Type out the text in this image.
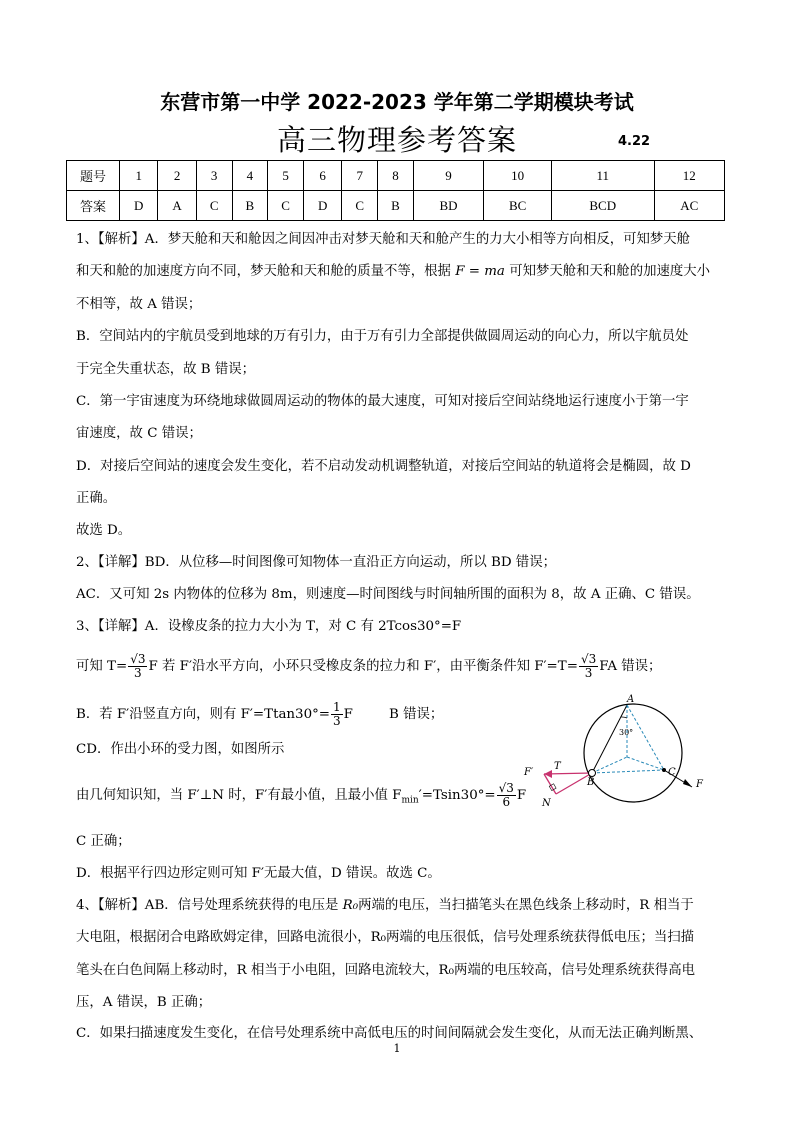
东营市第一中学 2022-2023 学年第二学期模块考试
高三物理参考答案	4.22
题号	1	2	3	4	5	6	7	8	9	10	11	12
答案	D	A	C	B	C	D	C	B	BD	BC	BCD	AC
1、【解析】A．梦天舱和天和舱因之间因冲击对梦天舱和天和舱产生的力大小相等方向相反，可知梦天舱
和天和舱的加速度方向不同，梦天舱和天和舱的质量不等，根据 F = ma 可知梦天舱和天和舱的加速度大小
不相等，故 A 错误；
B．空间站内的宇航员受到地球的万有引力，由于万有引力全部提供做圆周运动的向心力，所以宇航员处
于完全失重状态，故 B 错误；
C．第一宇宙速度为环绕地球做圆周运动的物体的最大速度，可知对接后空间站绕地运行速度小于第一宇
宙速度，故 C 错误；
D．对接后空间站的速度会发生变化，若不启动发动机调整轨道，对接后空间站的轨道将会是椭圆，故 D
正确。
故选 D。
2、【详解】BD．从位移—时间图像可知物体一直沿正方向运动，所以 BD 错误；
AC．又可知 2s 内物体的位移为 8m，则速度—时间图线与时间轴所围的面积为 8，故 A 正确、C 错误。
3、【详解】A．设橡皮条的拉力大小为 T，对 C 有 2Tcos30°=F
可知 $T= \frac{√3}{3}$ F 若 F′沿水平方向，小环只受橡皮条的拉力和 F′，由平衡条件知 $F'=T= \frac{√3}{3}$ FA 错误；
B．若 F′沿竖直方向，则有 $F'=Ttan30^\circ= \frac{1}{3}$ F	B 错误；
CD．作出小环的受力图，如图所示
由几何知识知，当 F′⊥N 时，F′有最小值，且最小值 $F_{min}'=Tsin30^\circ= \frac{√3}{6}$ F
C 正确；
D．根据平行四边形定则可知 F′无最大值，D 错误。故选 C。
A
B
C
F
F′
T
N
30°
4、【解析】AB．信号处理系统获得的电压是 R₀两端的电压，当扫描笔头在黑色线条上移动时，R 相当于
大电阻，根据闭合电路欧姆定律，回路电流很小，R₀两端的电压很低，信号处理系统获得低电压；当扫描
笔头在白色间隔上移动时，R 相当于小电阻，回路电流较大，R₀两端的电压较高，信号处理系统获得高电
压，A 错误，B 正确；
C．如果扫描速度发生变化，在信号处理系统中高低电压的时间间隔就会发生变化，从而无法正确判断黑、
1
